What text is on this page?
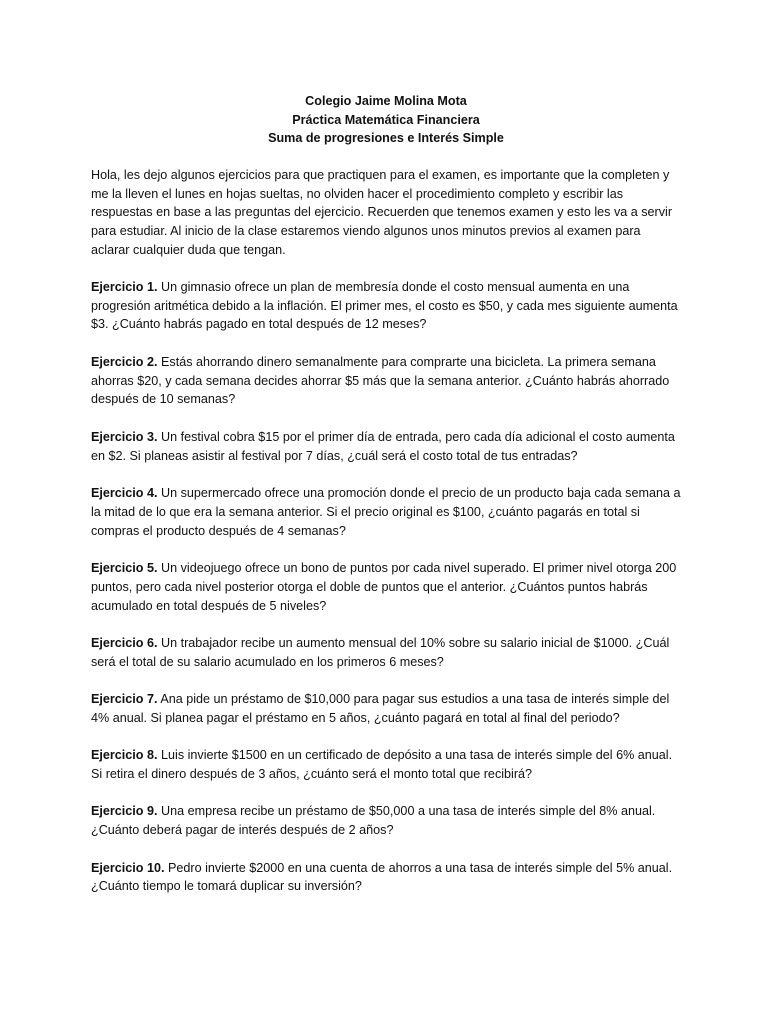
Colegio Jaime Molina Mota
Práctica Matemática Financiera
Suma de progresiones e Interés Simple

Hola, les dejo algunos ejercicios para que practiquen para el examen, es importante que la completen y me la lleven el lunes en hojas sueltas, no olviden hacer el procedimiento completo y escribir las respuestas en base a las preguntas del ejercicio. Recuerden que tenemos examen y esto les va a servir para estudiar. Al inicio de la clase estaremos viendo algunos unos minutos previos al examen para aclarar cualquier duda que tengan.

Ejercicio 1. Un gimnasio ofrece un plan de membresía donde el costo mensual aumenta en una progresión aritmética debido a la inflación. El primer mes, el costo es $50, y cada mes siguiente aumenta $3. ¿Cuánto habrás pagado en total después de 12 meses?

Ejercicio 2. Estás ahorrando dinero semanalmente para comprarte una bicicleta. La primera semana ahorras $20, y cada semana decides ahorrar $5 más que la semana anterior. ¿Cuánto habrás ahorrado después de 10 semanas?

Ejercicio 3. Un festival cobra $15 por el primer día de entrada, pero cada día adicional el costo aumenta en $2. Si planeas asistir al festival por 7 días, ¿cuál será el costo total de tus entradas?

Ejercicio 4. Un supermercado ofrece una promoción donde el precio de un producto baja cada semana a la mitad de lo que era la semana anterior. Si el precio original es $100, ¿cuánto pagarás en total si compras el producto después de 4 semanas?

Ejercicio 5. Un videojuego ofrece un bono de puntos por cada nivel superado. El primer nivel otorga 200 puntos, pero cada nivel posterior otorga el doble de puntos que el anterior. ¿Cuántos puntos habrás acumulado en total después de 5 niveles?

Ejercicio 6. Un trabajador recibe un aumento mensual del 10% sobre su salario inicial de $1000. ¿Cuál será el total de su salario acumulado en los primeros 6 meses?

Ejercicio 7. Ana pide un préstamo de $10,000 para pagar sus estudios a una tasa de interés simple del 4% anual. Si planea pagar el préstamo en 5 años, ¿cuánto pagará en total al final del periodo?

Ejercicio 8. Luis invierte $1500 en un certificado de depósito a una tasa de interés simple del 6% anual. Si retira el dinero después de 3 años, ¿cuánto será el monto total que recibirá?

Ejercicio 9. Una empresa recibe un préstamo de $50,000 a una tasa de interés simple del 8% anual. ¿Cuánto deberá pagar de interés después de 2 años?

Ejercicio 10. Pedro invierte $2000 en una cuenta de ahorros a una tasa de interés simple del 5% anual. ¿Cuánto tiempo le tomará duplicar su inversión?
